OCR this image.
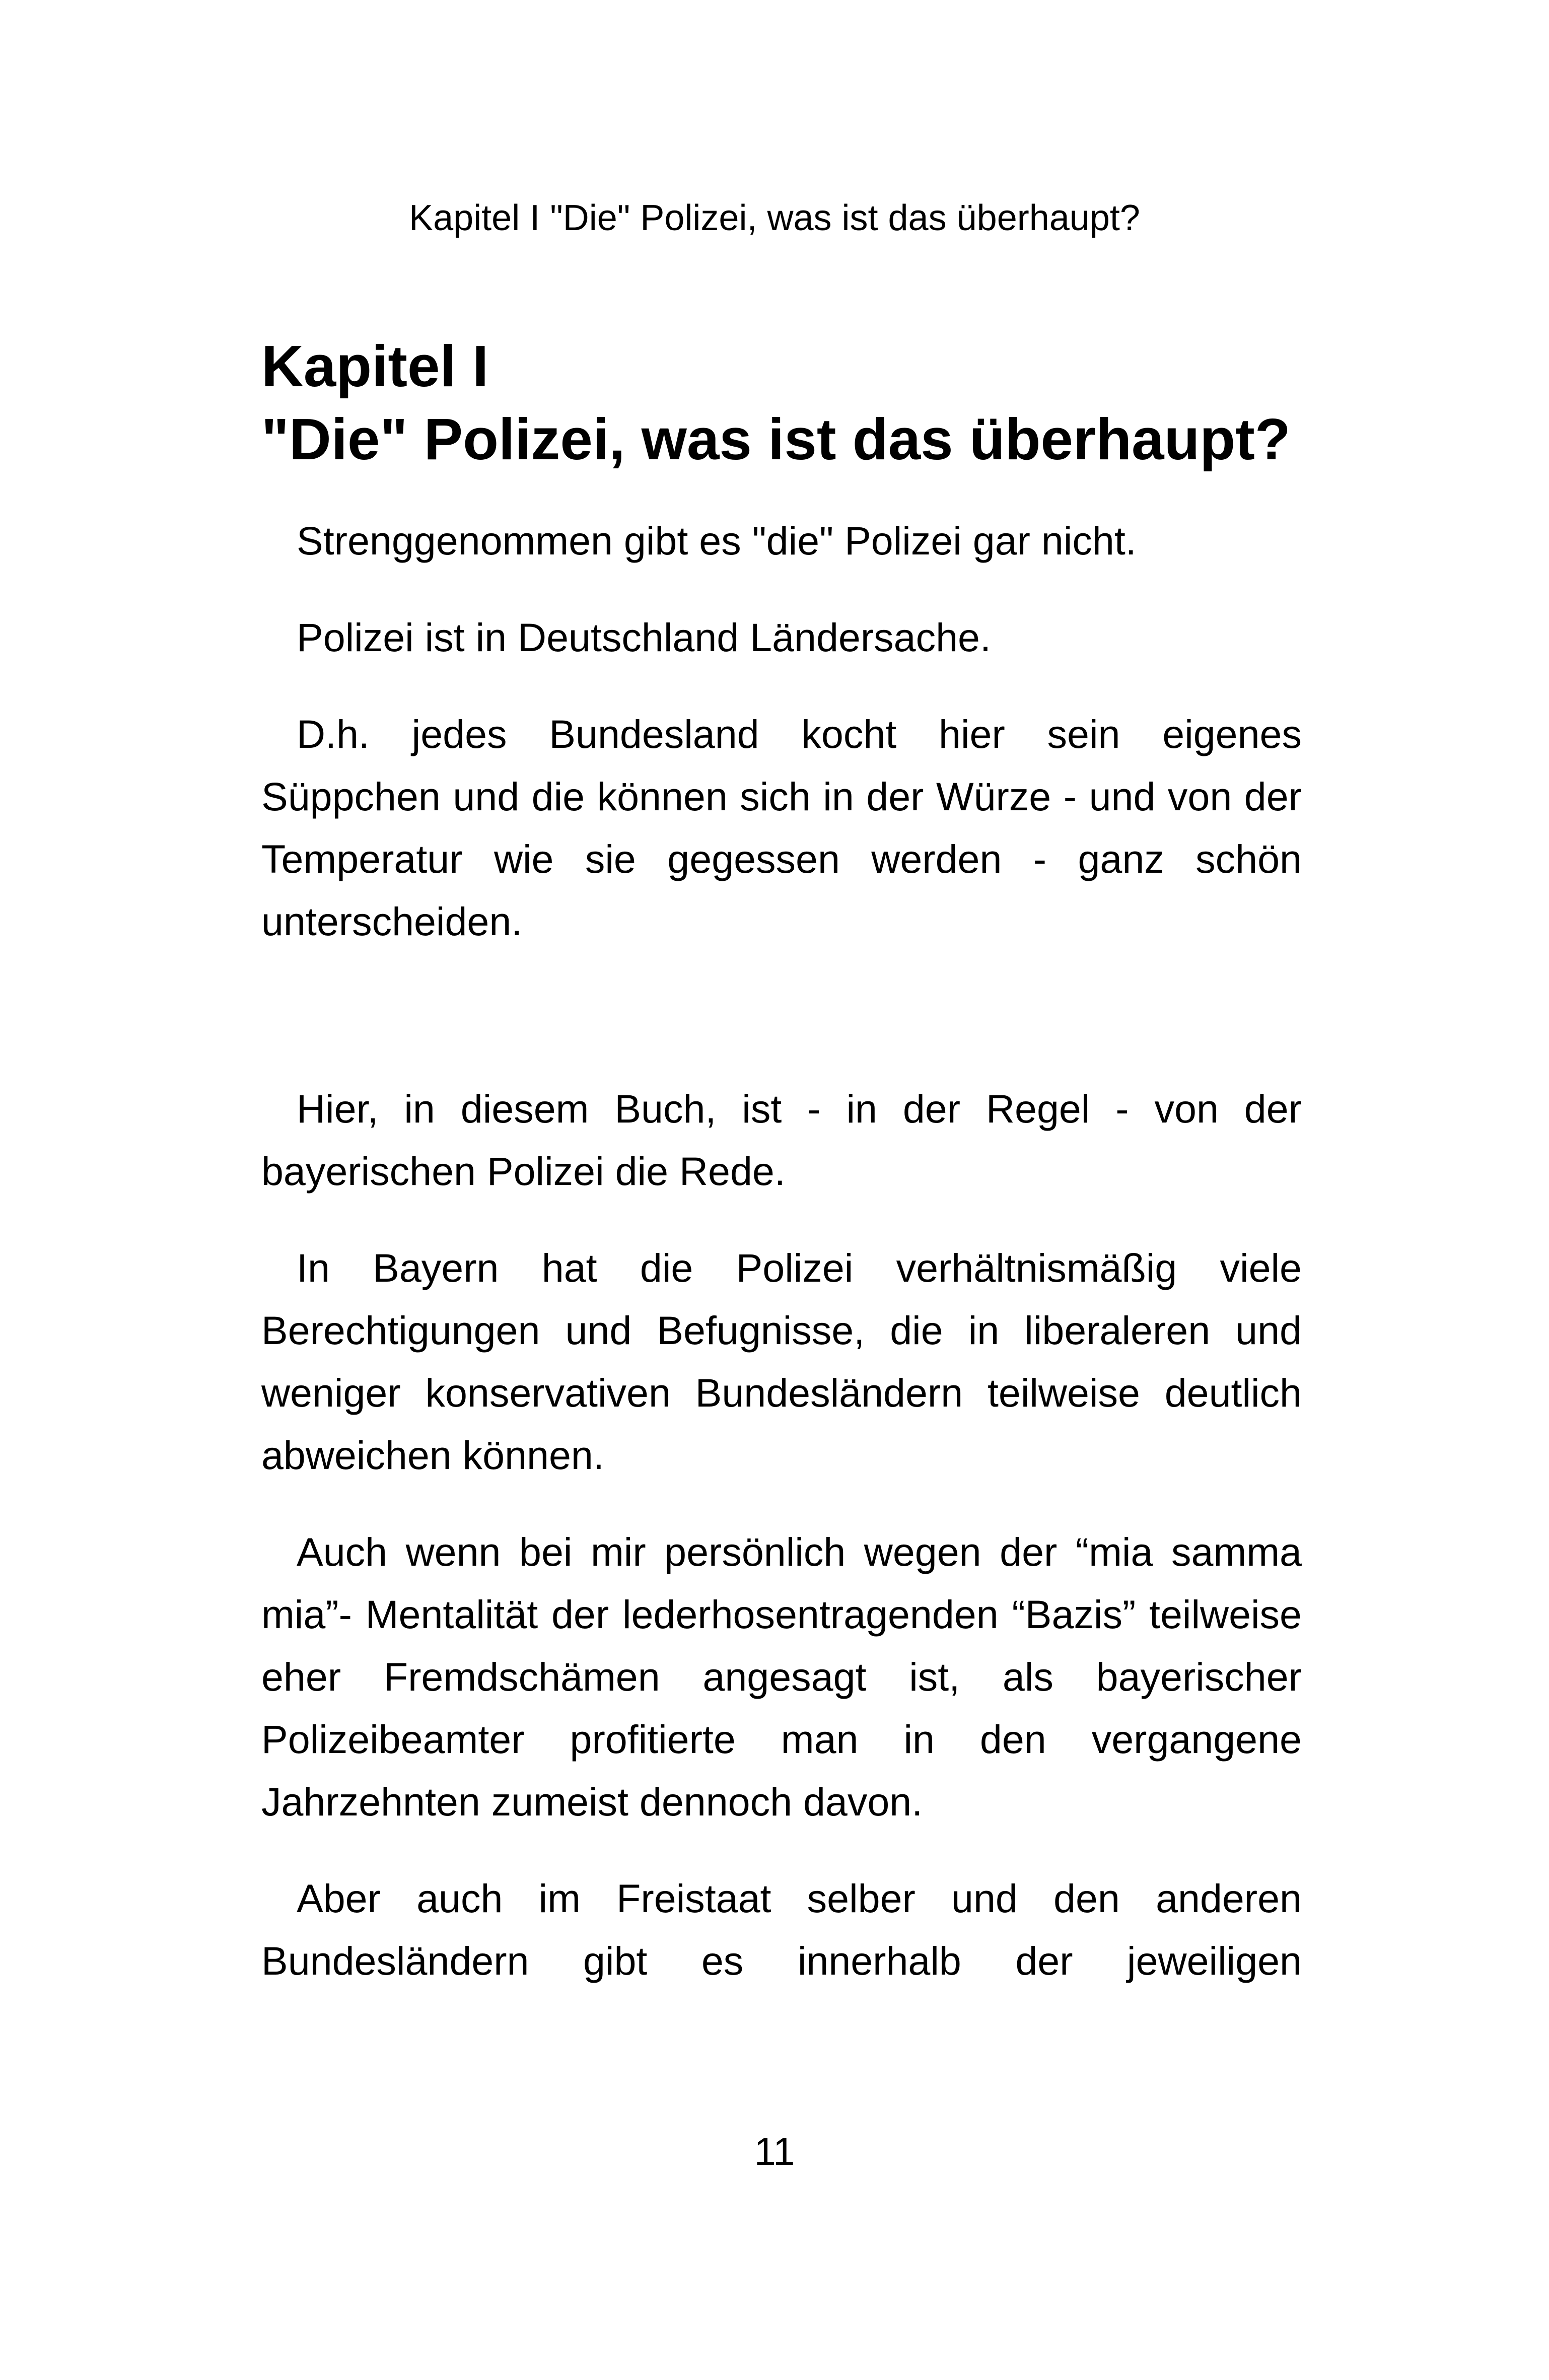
Kapitel I "Die" Polizei, was ist das überhaupt?
Kapitel I
"Die" Polizei, was ist das überhaupt?

Strenggenommen gibt es "die" Polizei gar nicht.

Polizei ist in Deutschland Ländersache.

D.h. jedes Bundesland kocht hier sein eigenes Süppchen und die können sich in der Würze - und von der Temperatur wie sie gegessen werden - ganz schön unterscheiden.

Hier, in diesem Buch, ist - in der Regel - von der bayerischen Polizei die Rede.

In Bayern hat die Polizei verhältnismäßig viele Berechtigungen und Befugnisse, die in liberaleren und weniger konservativen Bundesländern teilweise deutlich abweichen können.

Auch wenn bei mir persönlich wegen der “mia samma mia”- Mentalität der lederhosentragenden “Bazis” teilweise eher Fremdschämen angesagt ist, als bayerischer Polizeibeamter profitierte man in den vergangene Jahrzehnten zumeist dennoch davon.

Aber auch im Freistaat selber und den anderen Bundesländern gibt es innerhalb der jeweiligen

11
